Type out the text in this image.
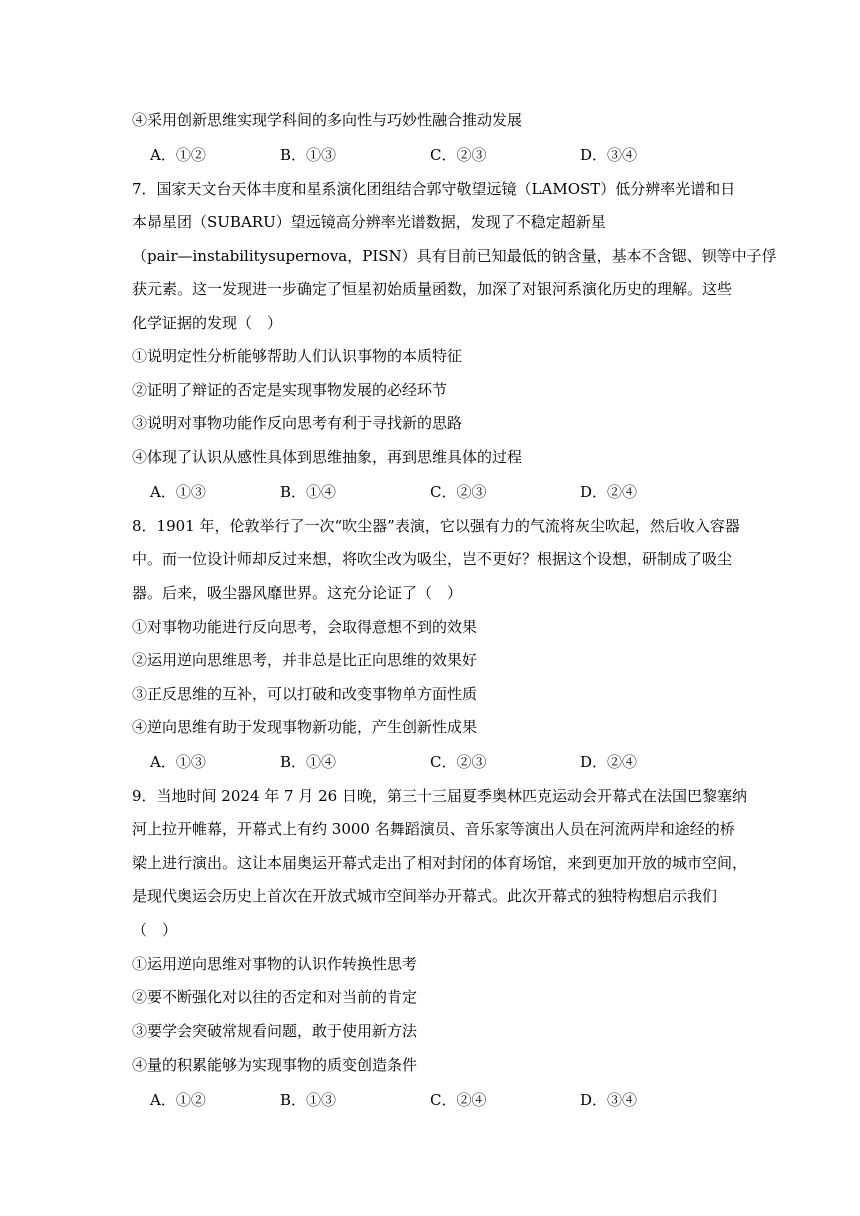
④采用创新思维实现学科间的多向性与巧妙性融合推动发展
A．①②	B．①③	C．②③	D．③④
7．国家天文台天体丰度和星系演化团组结合郭守敬望远镜（LAMOST）低分辨率光谱和日
本昴星团（SUBARU）望远镜高分辨率光谱数据，发现了不稳定超新星
（pair—instabilitysupernova，PISN）具有目前已知最低的钠含量，基本不含锶、钡等中子俘
获元素。这一发现进一步确定了恒星初始质量函数，加深了对银河系演化历史的理解。这些
化学证据的发现（　）
①说明定性分析能够帮助人们认识事物的本质特征
②证明了辩证的否定是实现事物发展的必经环节
③说明对事物功能作反向思考有利于寻找新的思路
④体现了认识从感性具体到思维抽象，再到思维具体的过程
A．①③	B．①④	C．②③	D．②④
8．1901 年，伦敦举行了一次“吹尘器”表演，它以强有力的气流将灰尘吹起，然后收入容器
中。而一位设计师却反过来想，将吹尘改为吸尘，岂不更好？根据这个设想，研制成了吸尘
器。后来，吸尘器风靡世界。这充分论证了（　）
①对事物功能进行反向思考，会取得意想不到的效果
②运用逆向思维思考，并非总是比正向思维的效果好
③正反思维的互补，可以打破和改变事物单方面性质
④逆向思维有助于发现事物新功能，产生创新性成果
A．①③	B．①④	C．②③	D．②④
9．当地时间 2024 年 7 月 26 日晚，第三十三届夏季奥林匹克运动会开幕式在法国巴黎塞纳
河上拉开帷幕，开幕式上有约 3000 名舞蹈演员、音乐家等演出人员在河流两岸和途经的桥
梁上进行演出。这让本届奥运开幕式走出了相对封闭的体育场馆，来到更加开放的城市空间，
是现代奥运会历史上首次在开放式城市空间举办开幕式。此次开幕式的独特构想启示我们
（　）
①运用逆向思维对事物的认识作转换性思考
②要不断强化对以往的否定和对当前的肯定
③要学会突破常规看问题，敢于使用新方法
④量的积累能够为实现事物的质变创造条件
A．①②	B．①③	C．②④	D．③④
